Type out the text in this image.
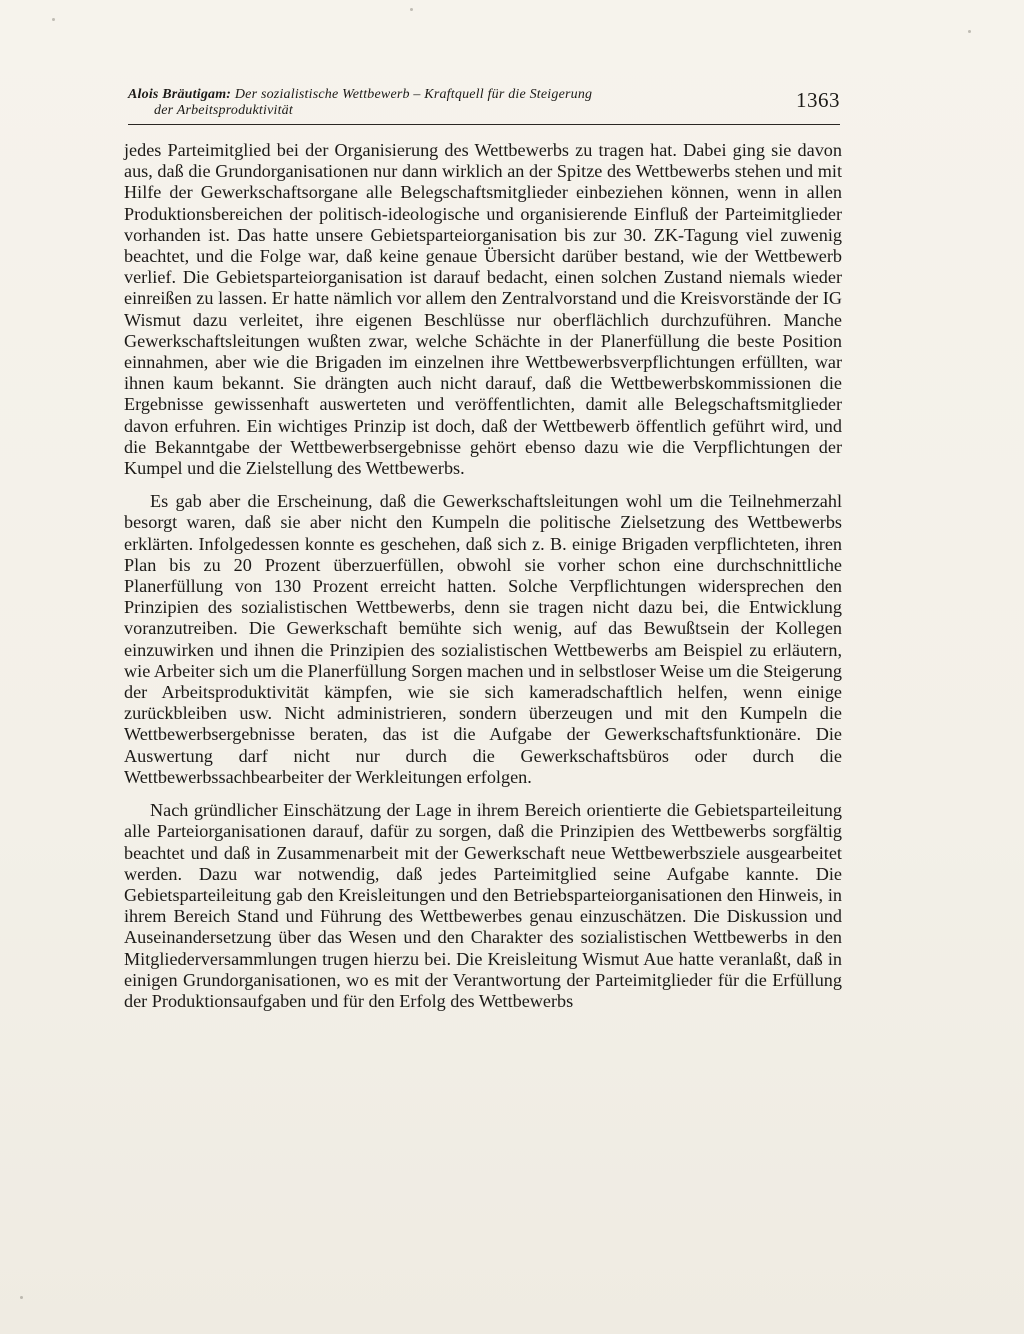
Alois Bräutigam: Der sozialistische Wettbewerb – Kraftquell für die Steigerung
der Arbeitsproduktivität	1363

jedes Parteimitglied bei der Organisierung des Wettbewerbs zu tragen hat. Dabei ging sie davon aus, daß die Grundorganisationen nur dann wirklich an der Spitze des Wettbewerbs stehen und mit Hilfe der Gewerkschaftsorgane alle Belegschaftsmitglieder einbeziehen können, wenn in allen Produktionsbereichen der politisch-ideologische und organisierende Einfluß der Parteimitglieder vorhanden ist. Das hatte unsere Gebietsparteiorganisation bis zur 30. ZK-Tagung viel zuwenig beachtet, und die Folge war, daß keine genaue Übersicht darüber bestand, wie der Wettbewerb verlief. Die Gebietsparteiorganisation ist darauf bedacht, einen solchen Zustand niemals wieder einreißen zu lassen. Er hatte nämlich vor allem den Zentralvorstand und die Kreisvorstände der IG Wismut dazu verleitet, ihre eigenen Beschlüsse nur oberflächlich durchzuführen. Manche Gewerkschaftsleitungen wußten zwar, welche Schächte in der Planerfüllung die beste Position einnahmen, aber wie die Brigaden im einzelnen ihre Wettbewerbsverpflichtungen erfüllten, war ihnen kaum bekannt. Sie drängten auch nicht darauf, daß die Wettbewerbskommissionen die Ergebnisse gewissenhaft auswerteten und veröffentlichten, damit alle Belegschaftsmitglieder davon erfuhren. Ein wichtiges Prinzip ist doch, daß der Wettbewerb öffentlich geführt wird, und die Bekanntgabe der Wettbewerbsergebnisse gehört ebenso dazu wie die Verpflichtungen der Kumpel und die Zielstellung des Wettbewerbs.

Es gab aber die Erscheinung, daß die Gewerkschaftsleitungen wohl um die Teilnehmerzahl besorgt waren, daß sie aber nicht den Kumpeln die politische Zielsetzung des Wettbewerbs erklärten. Infolgedessen konnte es geschehen, daß sich z. B. einige Brigaden verpflichteten, ihren Plan bis zu 20 Prozent überzuerfüllen, obwohl sie vorher schon eine durchschnittliche Planerfüllung von 130 Prozent erreicht hatten. Solche Verpflichtungen widersprechen den Prinzipien des sozialistischen Wettbewerbs, denn sie tragen nicht dazu bei, die Entwicklung voranzutreiben. Die Gewerkschaft bemühte sich wenig, auf das Bewußtsein der Kollegen einzuwirken und ihnen die Prinzipien des sozialistischen Wettbewerbs am Beispiel zu erläutern, wie Arbeiter sich um die Planerfüllung Sorgen machen und in selbstloser Weise um die Steigerung der Arbeitsproduktivität kämpfen, wie sie sich kameradschaftlich helfen, wenn einige zurückbleiben usw. Nicht administrieren, sondern überzeugen und mit den Kumpeln die Wettbewerbsergebnisse beraten, das ist die Aufgabe der Gewerkschaftsfunktionäre. Die Auswertung darf nicht nur durch die Gewerkschaftsbüros oder durch die Wettbewerbssachbearbeiter der Werkleitungen erfolgen.

Nach gründlicher Einschätzung der Lage in ihrem Bereich orientierte die Gebietsparteileitung alle Parteiorganisationen darauf, dafür zu sorgen, daß die Prinzipien des Wettbewerbs sorgfältig beachtet und daß in Zusammenarbeit mit der Gewerkschaft neue Wettbewerbsziele ausgearbeitet werden. Dazu war notwendig, daß jedes Parteimitglied seine Aufgabe kannte. Die Gebietsparteileitung gab den Kreisleitungen und den Betriebsparteiorganisationen den Hinweis, in ihrem Bereich Stand und Führung des Wettbewerbes genau einzuschätzen. Die Diskussion und Auseinandersetzung über das Wesen und den Charakter des sozialistischen Wettbewerbs in den Mitgliederversammlungen trugen hierzu bei. Die Kreisleitung Wismut Aue hatte veranlaßt, daß in einigen Grundorganisationen, wo es mit der Verantwortung der Parteimitglieder für die Erfüllung der Produktionsaufgaben und für den Erfolg des Wettbewerbs
